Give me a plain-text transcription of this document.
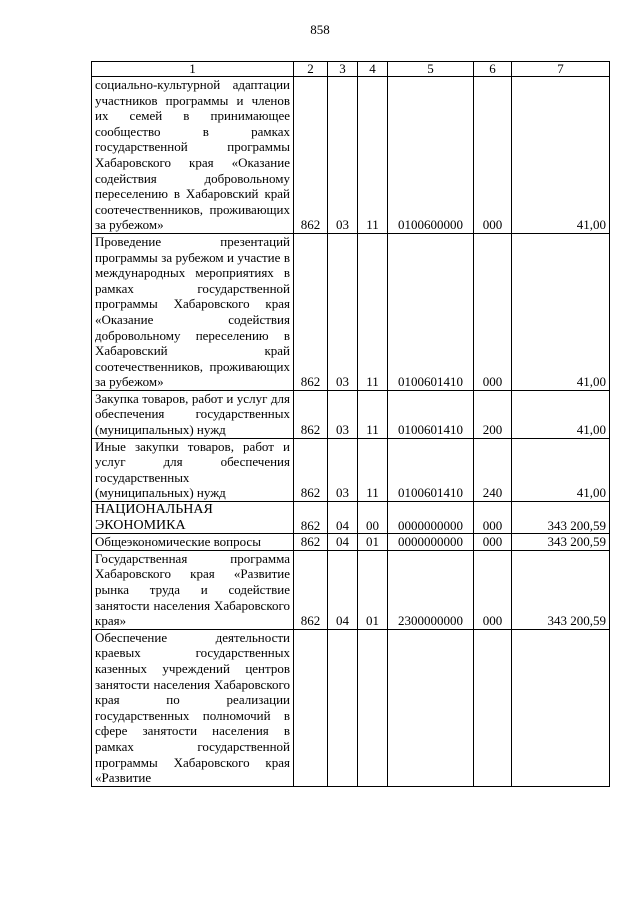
858
1	2	3	4	5	6	7
социально-культурной адаптации участников программы и членов их семей в принимающее сообщество в рамках государственной программы Хабаровского края «Оказание содействия добровольному переселению в Хабаровский край соотечественников, проживающих за рубежом»	862	03	11	0100600000	000	41,00
Проведение презентаций программы за рубежом и участие в международных мероприятиях в рамках государственной программы Хабаровского края «Оказание содействия добровольному переселению в Хабаровский край соотечественников, проживающих за рубежом»	862	03	11	0100601410	000	41,00
Закупка товаров, работ и услуг для обеспечения государственных (муниципальных) нужд	862	03	11	0100601410	200	41,00
Иные закупки товаров, работ и услуг для обеспечения государственных (муниципальных) нужд	862	03	11	0100601410	240	41,00
НАЦИОНАЛЬНАЯ ЭКОНОМИКА	862	04	00	0000000000	000	343 200,59
Общеэкономические вопросы	862	04	01	0000000000	000	343 200,59
Государственная программа Хабаровского края «Развитие рынка труда и содействие занятости населения Хабаровского края»	862	04	01	2300000000	000	343 200,59
Обеспечение деятельности краевых государственных казенных учреждений центров занятости населения Хабаровского края по реализации государственных полномочий в сфере занятости населения в рамках государственной программы Хабаровского края «Развитие						
